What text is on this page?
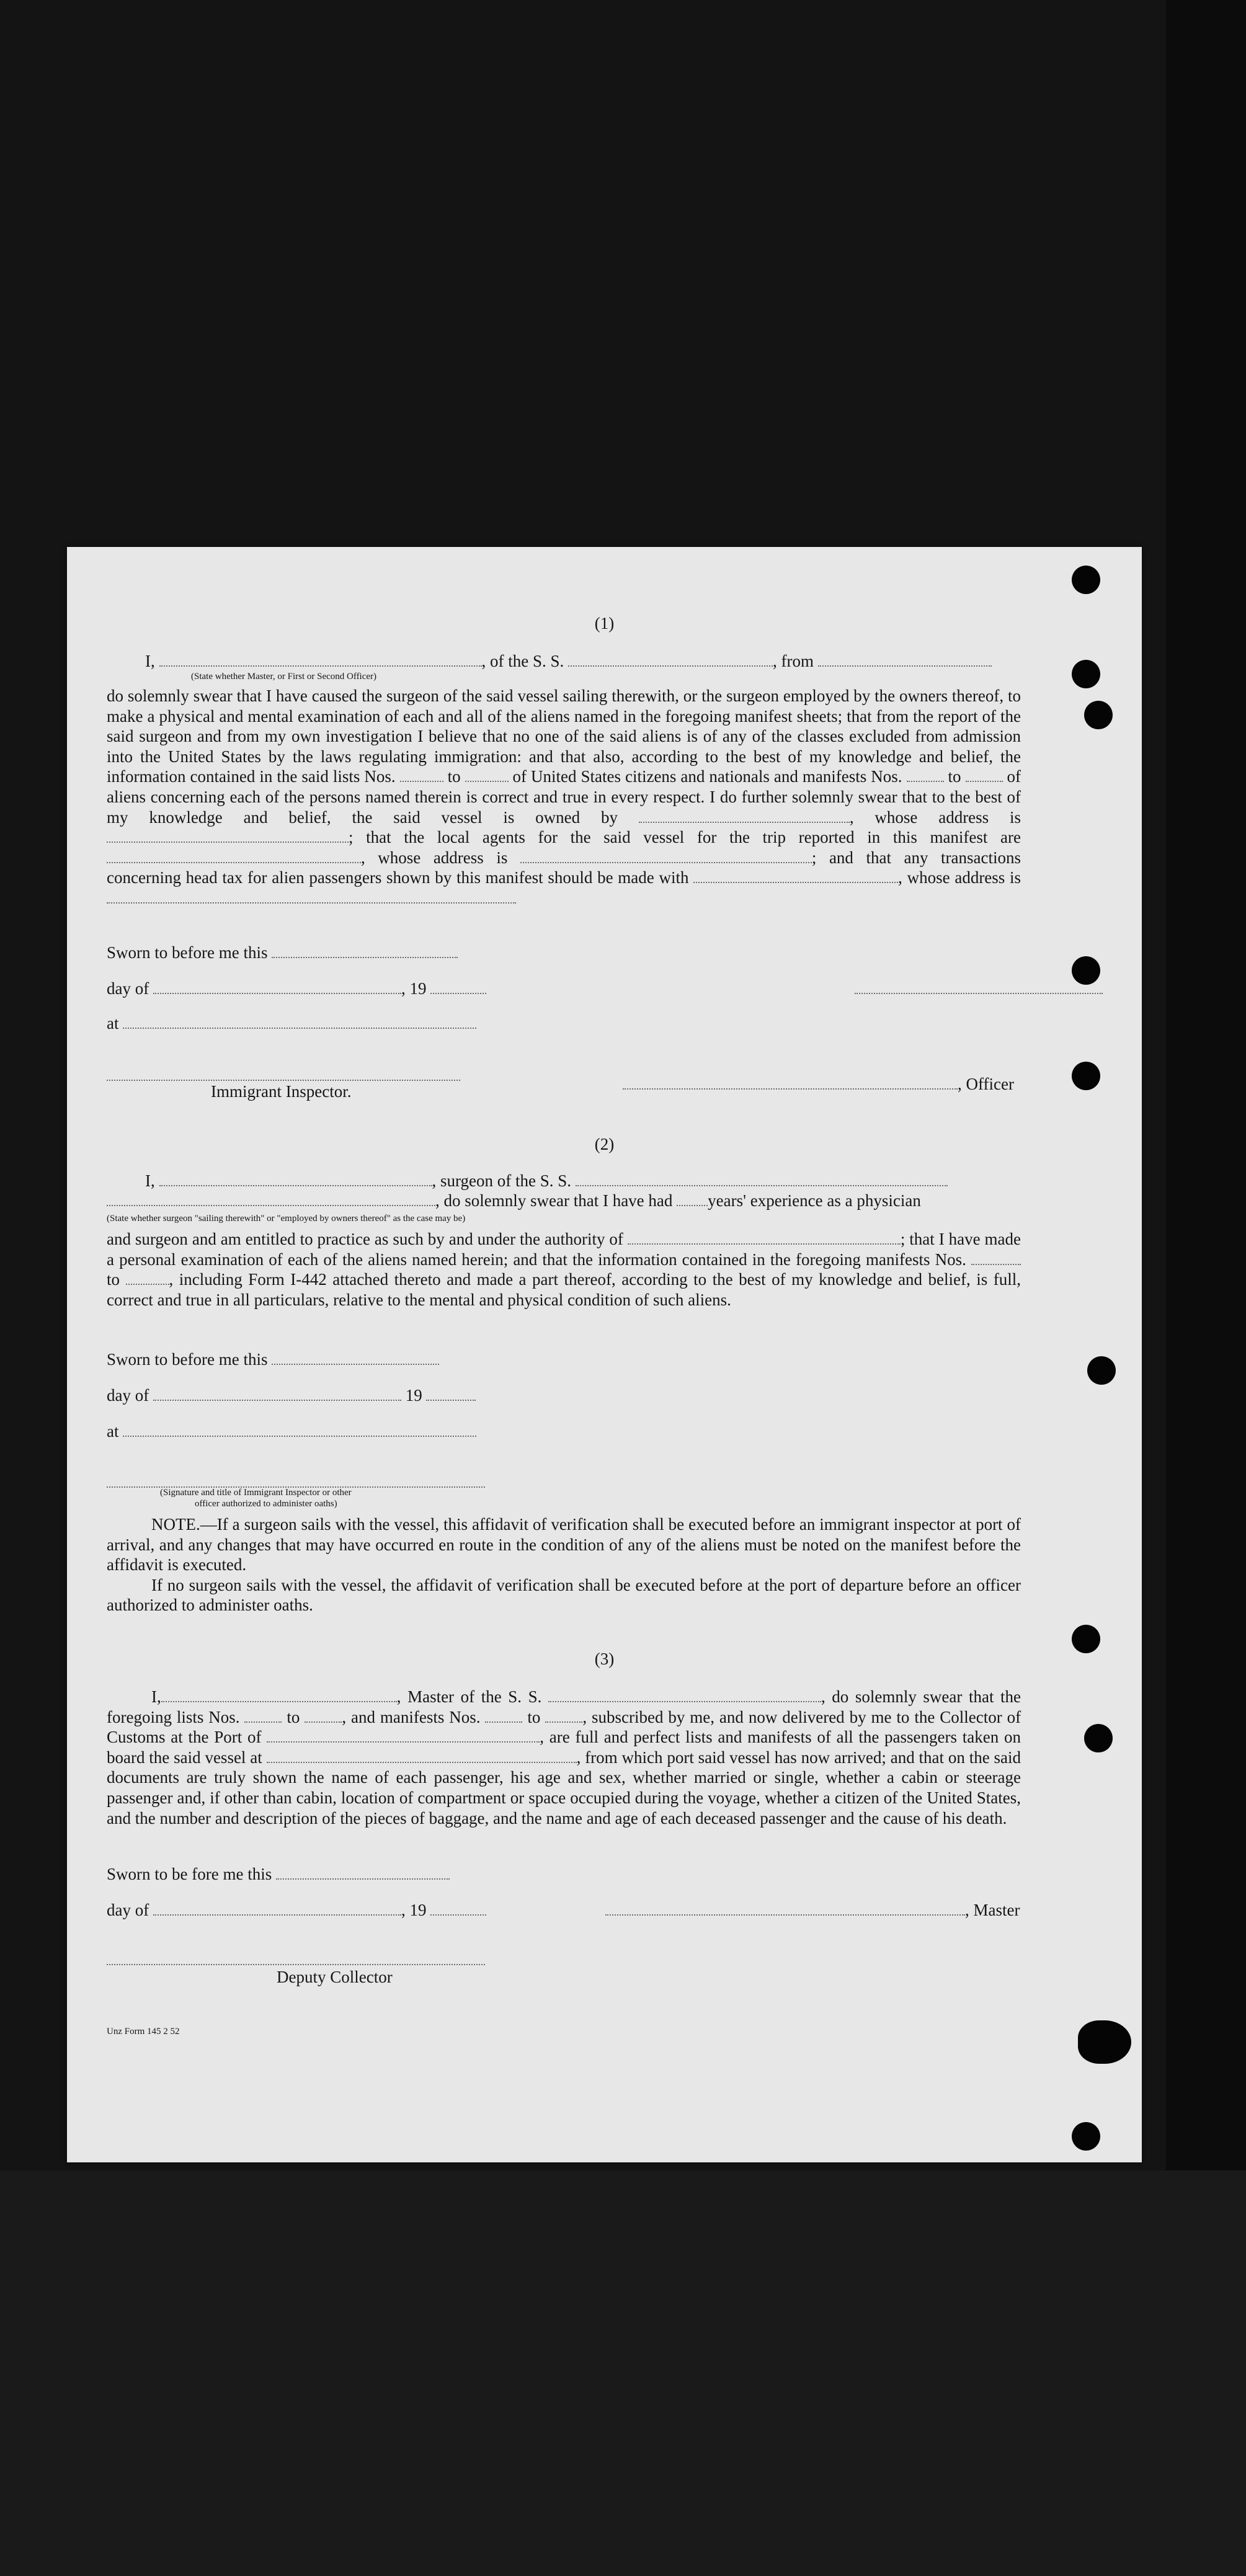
(1)
I,	, of the S. S.	, from
(State whether Master, or First or Second Officer)

do solemnly swear that I have caused the surgeon of the said vessel sailing therewith, or the surgeon employed by the owners thereof, to make a physical and mental examination of each and all of the aliens named in the foregoing manifest sheets; that from the report of the said surgeon and from my own investigation I believe that no one of the said aliens is of any of the classes excluded from admission into the United States by the laws regulating immigration: and that also, according to the best of my knowledge and belief, the information contained in the said lists Nos.	to	of United States citizens and nationals and manifests Nos.	to	of aliens concerning each of the persons named therein is correct and true in every respect. I do further solemnly swear that to the best of my knowledge and belief, the said vessel is owned by	, whose address is ; that the local agents for the said vessel for the trip reported in this manifest are , whose address is	; and that any transactions concerning head tax for alien passengers shown by this manifest should be made with	, whose address is

Sworn to before me this
day of	, 19
at
Immigrant Inspector.	, Officer
(2)
I,	, surgeon of the S. S.
, do solemnly swear that I have had years' experience as a physician
(State whether surgeon "sailing therewith" or "employed by owners thereof" as the case may be)

and surgeon and am entitled to practice as such by and under the authority of	; that I have made a personal examination of each of the aliens named herein; and that the information contained in the foregoing manifests Nos.  to	, including Form I-442 attached thereto and made a part thereof, according to the best of my knowledge and belief, is full, correct and true in all particulars, relative to the mental and physical condition of such aliens.

Sworn to before me this
day of	19
at
(Signature and title of Immigrant Inspector or other
officer authorized to administer oaths)

NOTE.—If a surgeon sails with the vessel, this affidavit of verification shall be executed before an immigrant inspector at port of arrival, and any changes that may have occurred en route in the condition of any of the aliens must be noted on the manifest before the affidavit is executed.

If no surgeon sails with the vessel, the affidavit of verification shall be executed before at the port of departure before an officer authorized to administer oaths.

(3)

I,	, Master of the S. S.	, do solemnly swear that the foregoing lists Nos.	to	, and manifests Nos.	to	, subscribed by me, and now delivered by me to the Collector of Customs at the Port of	, are full and perfect lists and manifests of all the passengers taken on board the said vessel at	, from which port said vessel has now arrived; and that on the said documents are truly shown the name of each passenger, his age and sex, whether married or single, whether a cabin or steerage passenger and, if other than cabin, location of compartment or space occupied during the voyage, whether a citizen of the United States, and the number and description of the pieces of baggage, and the name and age of each deceased passenger and the cause of his death.

Sworn to be fore me this
day of	, 19	, Master
Deputy Collector
Unz Form 145 2 52
